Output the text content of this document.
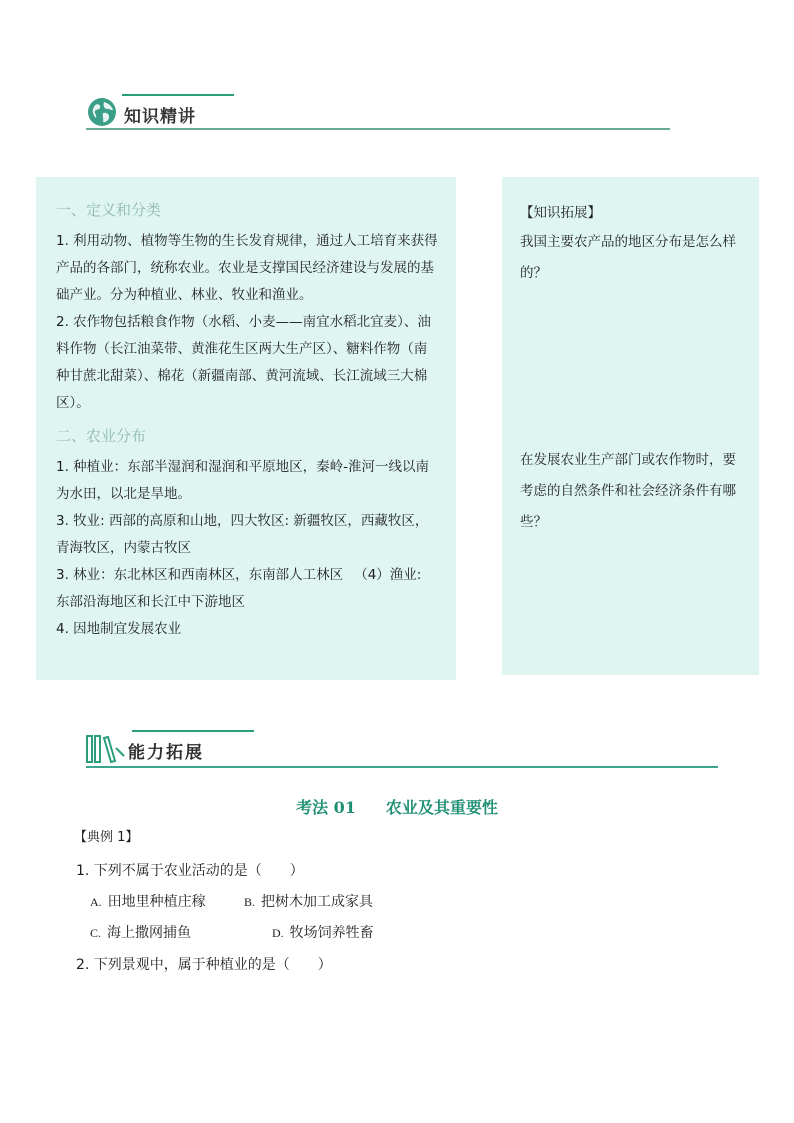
知识精讲
一、定义和分类
1. 利用动物、植物等生物的生长发育规律，通过人工培育来获得产品的各部门，统称农业。农业是支撑国民经济建设与发展的基础产业。分为种植业、林业、牧业和渔业。
2. 农作物包括粮食作物（水稻、小麦——南宜水稻北宜麦）、油料作物（长江油菜带、黄淮花生区两大生产区）、糖料作物（南种甘蔗北甜菜）、棉花（新疆南部、黄河流域、长江流域三大棉区）。
二、农业分布
1. 种植业：东部半湿润和湿润和平原地区，秦岭-淮河一线以南为水田，以北是旱地。
3. 牧业: 西部的高原和山地，四大牧区: 新疆牧区，西藏牧区，青海牧区，内蒙古牧区
3. 林业：东北林区和西南林区，东南部人工林区 　（4）渔业: 东部沿海地区和长江中下游地区
4. 因地制宜发展农业
【知识拓展】
我国主要农产品的地区分布是怎么样的？
在发展农业生产部门或农作物时，要考虑的自然条件和社会经济条件有哪些？
能力拓展
考法 01 农业及其重要性
【典例 1】
1. 下列不属于农业活动的是（　　）
A. 田地里种植庄稼	B. 把树木加工成家具
C. 海上撒网捕鱼	D. 牧场饲养牲畜
2. 下列景观中，属于种植业的是（　　）
